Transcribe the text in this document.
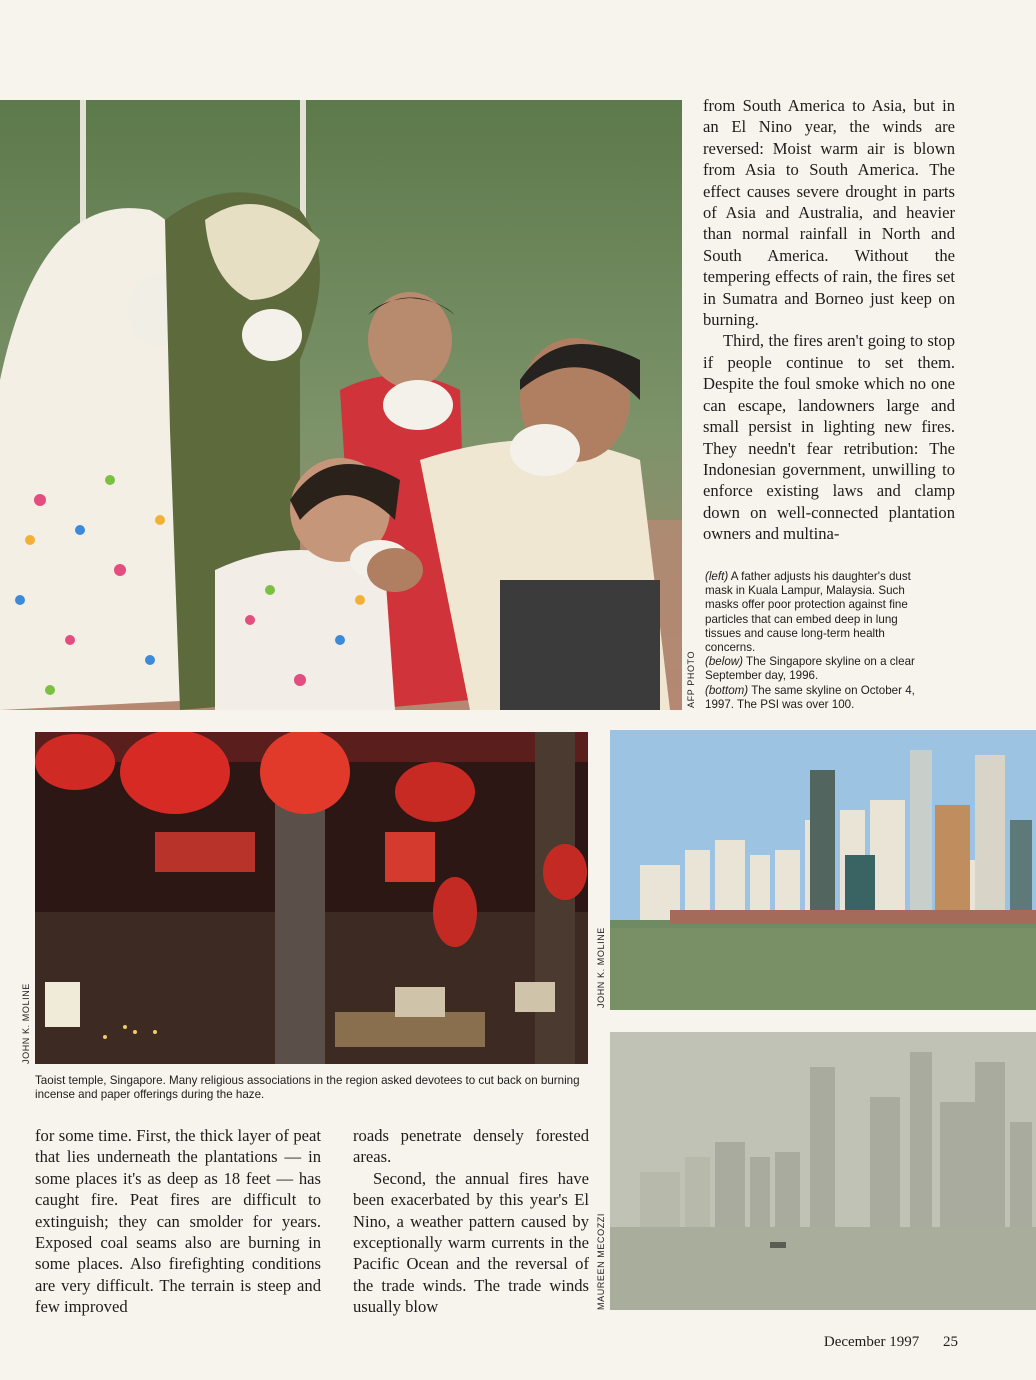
AFP PHOTO

from South America to Asia, but in an El Nino year, the winds are reversed: Moist warm air is blown from Asia to South America. The effect causes severe drought in parts of Asia and Australia, and heavier than normal rainfall in North and South America. Without the tempering effects of rain, the fires set in Sumatra and Borneo just keep on burning.

Third, the fires aren't going to stop if people continue to set them. Despite the foul smoke which no one can escape, landowners large and small persist in lighting new fires. They needn't fear retribution: The Indonesian government, unwilling to enforce existing laws and clamp down on well-connected plantation owners and multina-

(left) A father adjusts his daughter's dust mask in Kuala Lampur, Malaysia. Such masks offer poor protection against fine particles that can embed deep in lung tissues and cause long-term health concerns.

(below) The Singapore skyline on a clear September day, 1996.

(bottom) The same skyline on October 4, 1997. The PSI was over 100.

JOHN K. MOLINE
Taoist temple, Singapore. Many religious associations in the region asked devotees to cut back on burning incense and paper offerings during the haze.
JOHN K. MOLINE
MAUREEN MECOZZI

for some time. First, the thick layer of peat that lies underneath the plantations — in some places it's as deep as 18 feet — has caught fire. Peat fires are difficult to extinguish; they can smolder for years. Exposed coal seams also are burning in some places. Also firefighting conditions are very difficult. The terrain is steep and few improved

roads penetrate densely forested areas.

Second, the annual fires have been exacerbated by this year's El Nino, a weather pattern caused by exceptionally warm currents in the Pacific Ocean and the reversal of the trade winds. The trade winds usually blow

December 1997 25
